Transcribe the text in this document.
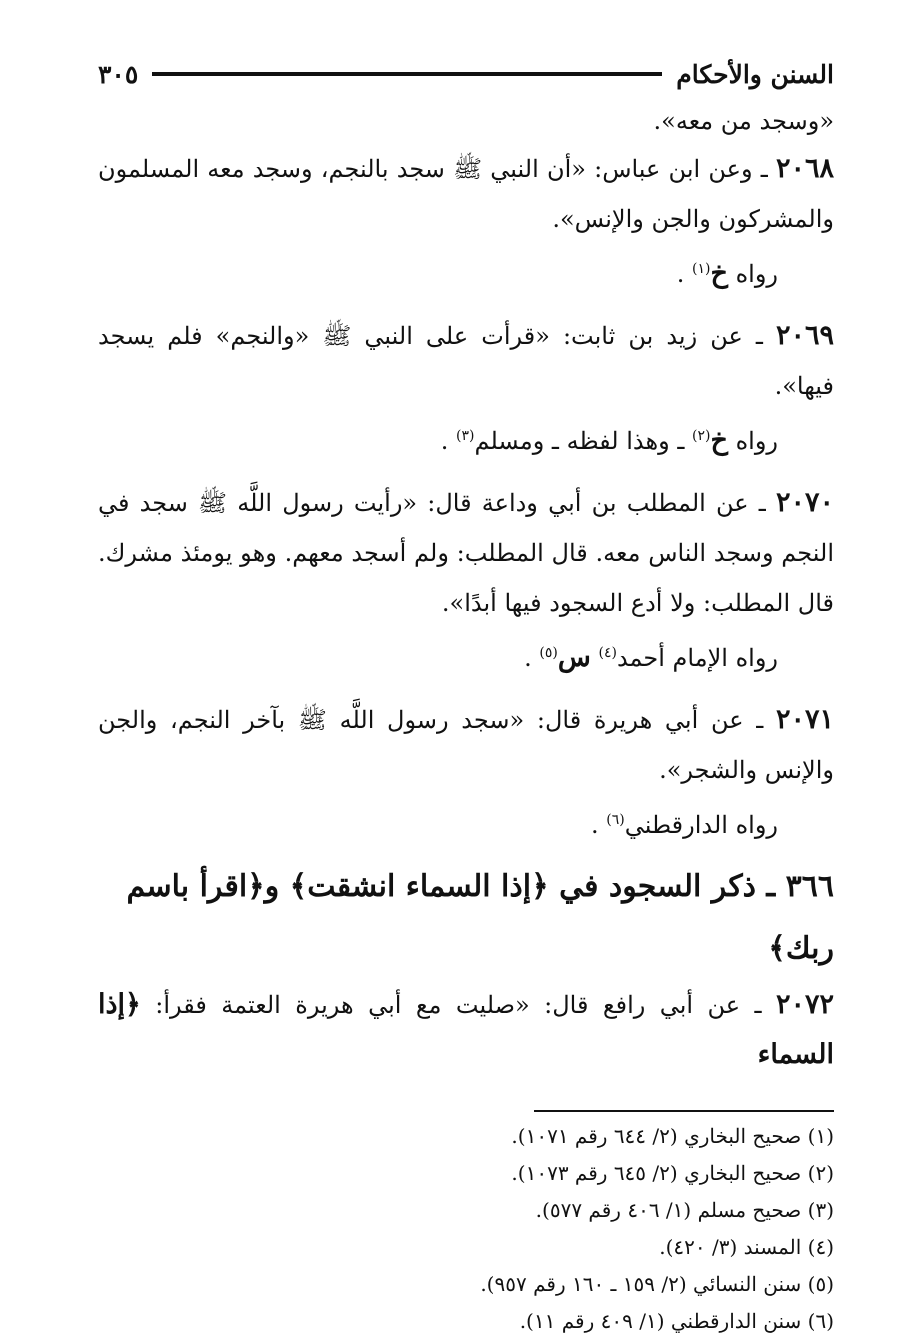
السنن والأحكام
٣٠٥

«وسجد من معه».

٢٠٦٨ ـ وعن ابن عباس: «أن النبي ﷺ سجد بالنجم، وسجد معه المسلمون والمشركون والجن والإنس».
رواه خ$^{(١)}$ .
٢٠٦٩ ـ عن زيد بن ثابت: «قرأت على النبي ﷺ «والنجم» فلم يسجد فيها».
رواه خ$^{(٢)}$ ـ وهذا لفظه ـ ومسلم$^{(٣)}$ .
٢٠٧٠ ـ عن المطلب بن أبي وداعة قال: «رأيت رسول اللَّه ﷺ سجد في النجم وسجد الناس معه. قال المطلب: ولم أسجد معهم. وهو يومئذ مشرك. قال المطلب: ولا أدع السجود فيها أبدًا».
رواه الإمام أحمد$^{(٤)}$ س$^{(٥)}$ .
٢٠٧١ ـ عن أبي هريرة قال: «سجد رسول اللَّه ﷺ بآخر النجم، والجن والإنس والشجر».
رواه الدارقطني$^{(٦)}$ .
٣٦٦ ـ ذكر السجود في ﴿إذا السماء انشقت﴾ و﴿اقرأ باسم ربك﴾
٢٠٧٢ ـ عن أبي رافع قال: «صليت مع أبي هريرة العتمة فقرأ: ﴿إذا السماء
(١) صحيح البخاري (٢/ ٦٤٤ رقم ١٠٧١).
(٢) صحيح البخاري (٢/ ٦٤٥ رقم ١٠٧٣).
(٣) صحيح مسلم (١/ ٤٠٦ رقم ٥٧٧).
(٤) المسند (٣/ ٤٢٠).
(٥) سنن النسائي (٢/ ١٥٩ ـ ١٦٠ رقم ٩٥٧).
(٦) سنن الدارقطني (١/ ٤٠٩ رقم ١١).
